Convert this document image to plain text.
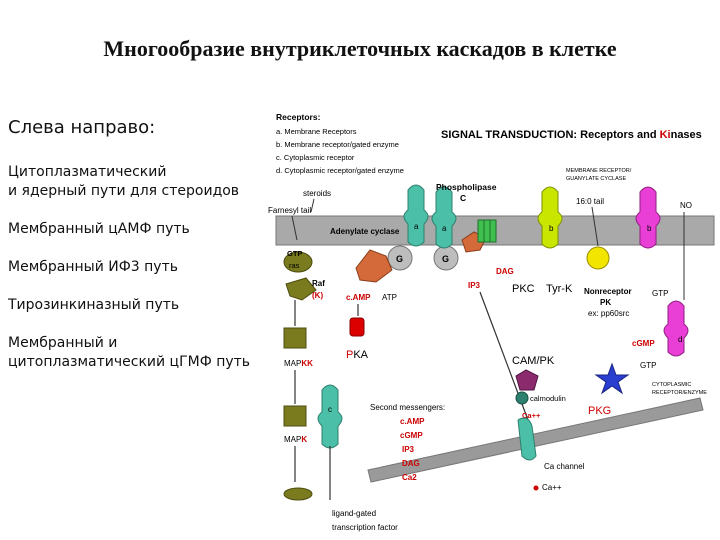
Многообразие внутриклеточных каскадов в клетке
Слева направо:
Цитоплазматический
и ядерный пути для стероидов
Мембранный цАМФ путь
Мембранный ИФ3 путь
Тирозинкиназный путь
Мембранный и
цитоплазматический цГМФ путь
Receptors:
a. Membrane Receptors
b. Membrane receptor/gated enzyme
c. Cytoplasmic receptor
d. Cytoplasmic receptor/gated enzyme
SIGNAL TRANSDUCTION: Receptors and Kinases
steroids
Farnesyl tail
Adenylate cyclase
a
G	G
a
Phospholipase
C
GTP
ras
Raf
(K)
MAPKK
MAPK
c
ligand-gated
transcription factor
c.AMP ATP
PKA
DAG
IP3	PKC Tyr-K
b
16:0 tail
Nonreceptor
PK
ex: pp60src
MEMBRANE RECEPTOR/
GUANYLATE CYCLASE
b
NO
GTP
d
cGMP
GTP
CYTOPLASMIC
RECEPTOR/ENZYME
PKG
CAM/PK
calmodulin
Ca++
Ca channel
Ca++
Second messengers:
c.AMP
cGMP
IP3
DAG
Ca2
